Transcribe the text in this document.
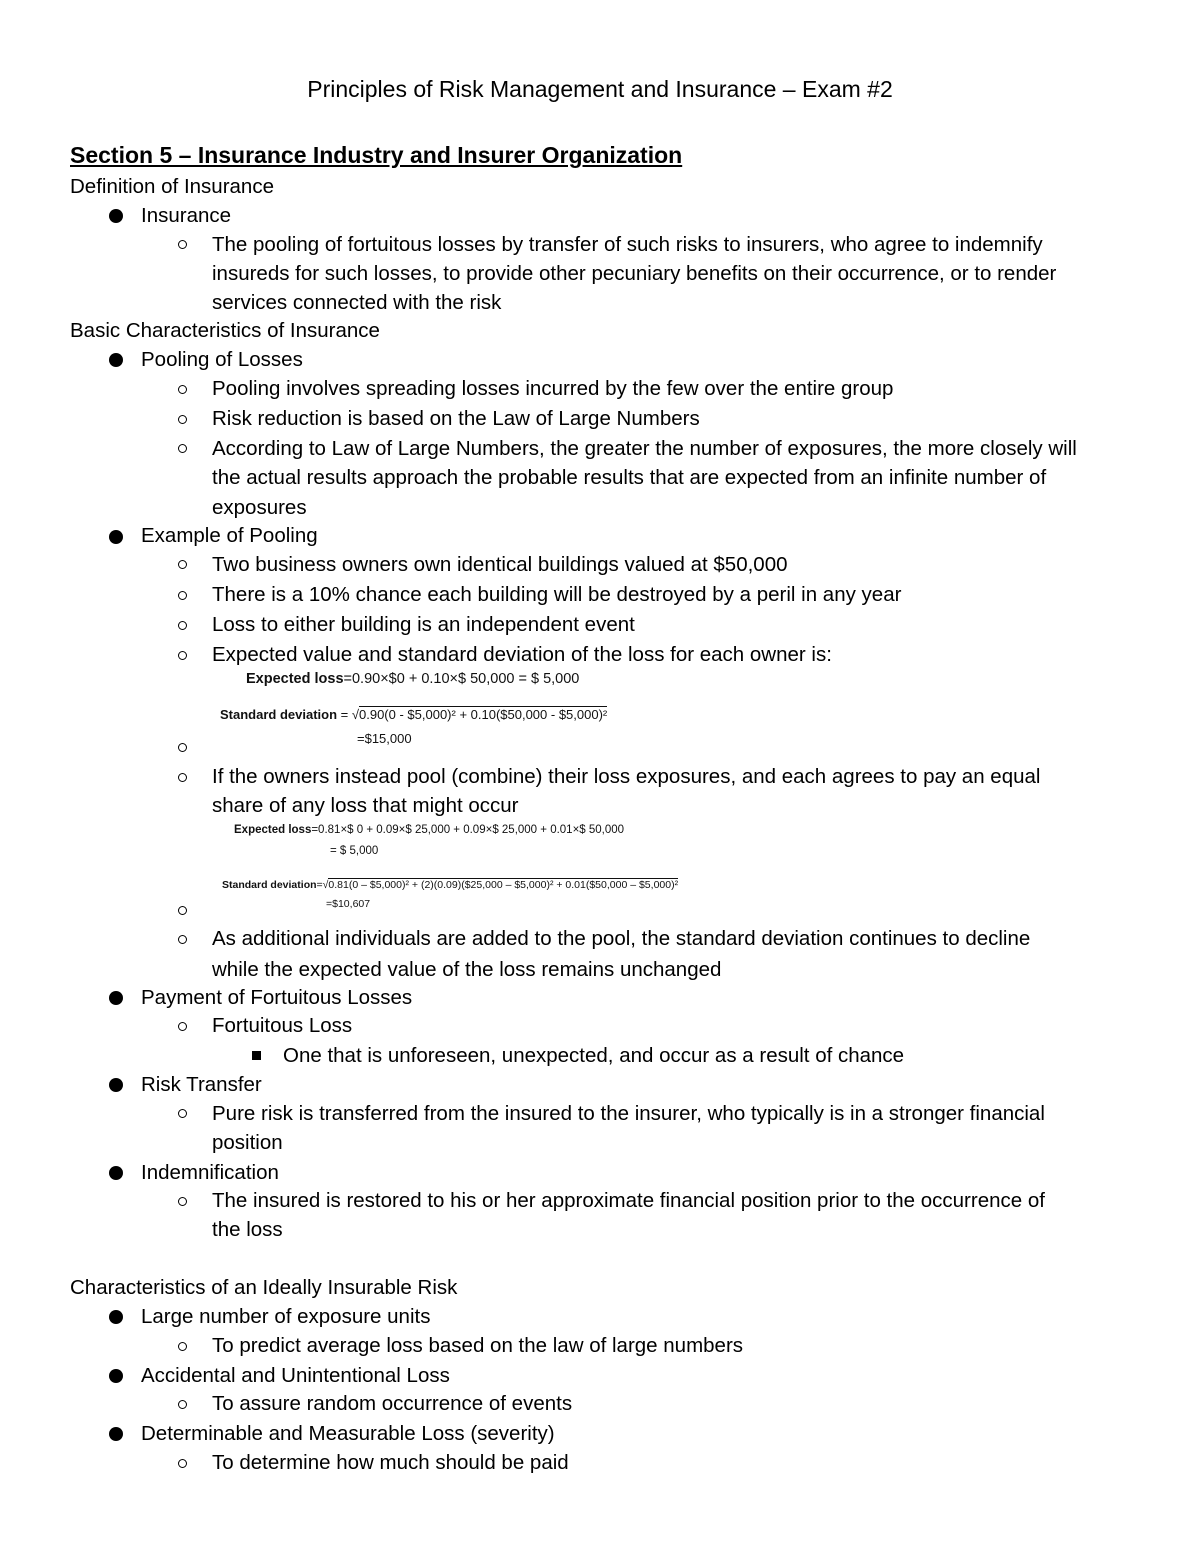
Principles of Risk Management and Insurance – Exam #2
Section 5 – Insurance Industry and Insurer Organization
Definition of Insurance
Insurance
The pooling of fortuitous losses by transfer of such risks to insurers, who agree to indemnify
insureds for such losses, to provide other pecuniary benefits on their occurrence, or to render
services connected with the risk
Basic Characteristics of Insurance
Pooling of Losses
Pooling involves spreading losses incurred by the few over the entire group
Risk reduction is based on the Law of Large Numbers
According to Law of Large Numbers, the greater the number of exposures, the more closely will
the actual results approach the probable results that are expected from an infinite number of
exposures
Example of Pooling
Two business owners own identical buildings valued at $50,000
There is a 10% chance each building will be destroyed by a peril in any year
Loss to either building is an independent event
Expected value and standard deviation of the loss for each owner is:
Expected loss=0.90×$0 + 0.10×$ 50,000 = $ 5,000
Standard deviation = √0.90(0 - $5,000)² + 0.10($50,000 - $5,000)²
=$15,000
If the owners instead pool (combine) their loss exposures, and each agrees to pay an equal
share of any loss that might occur
Expected loss=0.81×$ 0 + 0.09×$ 25,000 + 0.09×$ 25,000 + 0.01×$ 50,000
= $ 5,000
Standard deviation=√0.81(0 – $5,000)² + (2)(0.09)($25,000 – $5,000)² + 0.01($50,000 – $5,000)²
=$10,607
As additional individuals are added to the pool, the standard deviation continues to decline
while the expected value of the loss remains unchanged
Payment of Fortuitous Losses
Fortuitous Loss
One that is unforeseen, unexpected, and occur as a result of chance
Risk Transfer
Pure risk is transferred from the insured to the insurer, who typically is in a stronger financial
position
Indemnification
The insured is restored to his or her approximate financial position prior to the occurrence of
the loss
Characteristics of an Ideally Insurable Risk
Large number of exposure units
To predict average loss based on the law of large numbers
Accidental and Unintentional Loss
To assure random occurrence of events
Determinable and Measurable Loss (severity)
To determine how much should be paid
